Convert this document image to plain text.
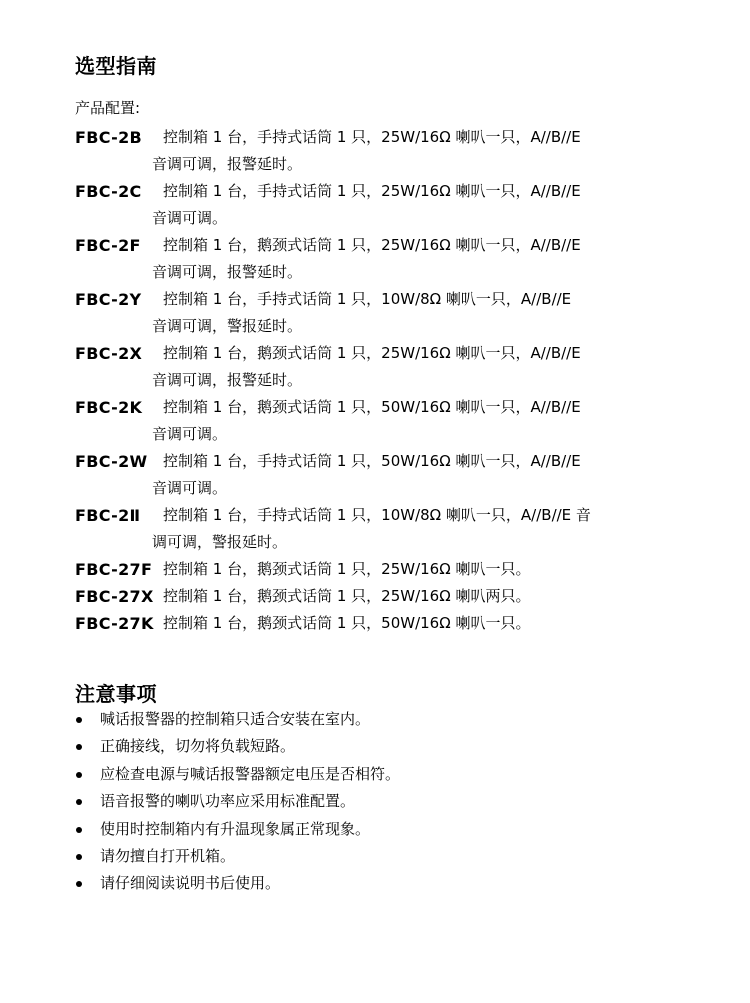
选型指南
产品配置:
FBC-2B	控制箱 1 台，手持式话筒 1 只，25W/16Ω 喇叭一只，A//B//E
音调可调，报警延时。
FBC-2C	控制箱 1 台，手持式话筒 1 只，25W/16Ω 喇叭一只，A//B//E
音调可调。
FBC-2F	控制箱 1 台，鹅颈式话筒 1 只，25W/16Ω 喇叭一只，A//B//E
音调可调，报警延时。
FBC-2Y	控制箱 1 台，手持式话筒 1 只，10W/8Ω 喇叭一只，A//B//E
音调可调，警报延时。
FBC-2X	控制箱 1 台，鹅颈式话筒 1 只，25W/16Ω 喇叭一只，A//B//E
音调可调，报警延时。
FBC-2K	控制箱 1 台，鹅颈式话筒 1 只，50W/16Ω 喇叭一只，A//B//E
音调可调。
FBC-2W	控制箱 1 台，手持式话筒 1 只，50W/16Ω 喇叭一只，A//B//E
音调可调。
FBC-2Ⅱ	控制箱 1 台，手持式话筒 1 只，10W/8Ω 喇叭一只，A//B//E 音
调可调，警报延时。
FBC-27F 控制箱 1 台，鹅颈式话筒 1 只，25W/16Ω 喇叭一只。
FBC-27X 控制箱 1 台，鹅颈式话筒 1 只，25W/16Ω 喇叭两只。
FBC-27K 控制箱 1 台，鹅颈式话筒 1 只，50W/16Ω 喇叭一只。
注意事项
喊话报警器的控制箱只适合安装在室内。
正确接线，切勿将负载短路。
应检查电源与喊话报警器额定电压是否相符。
语音报警的喇叭功率应采用标准配置。
使用时控制箱内有升温现象属正常现象。
请勿擅自打开机箱。
请仔细阅读说明书后使用。
